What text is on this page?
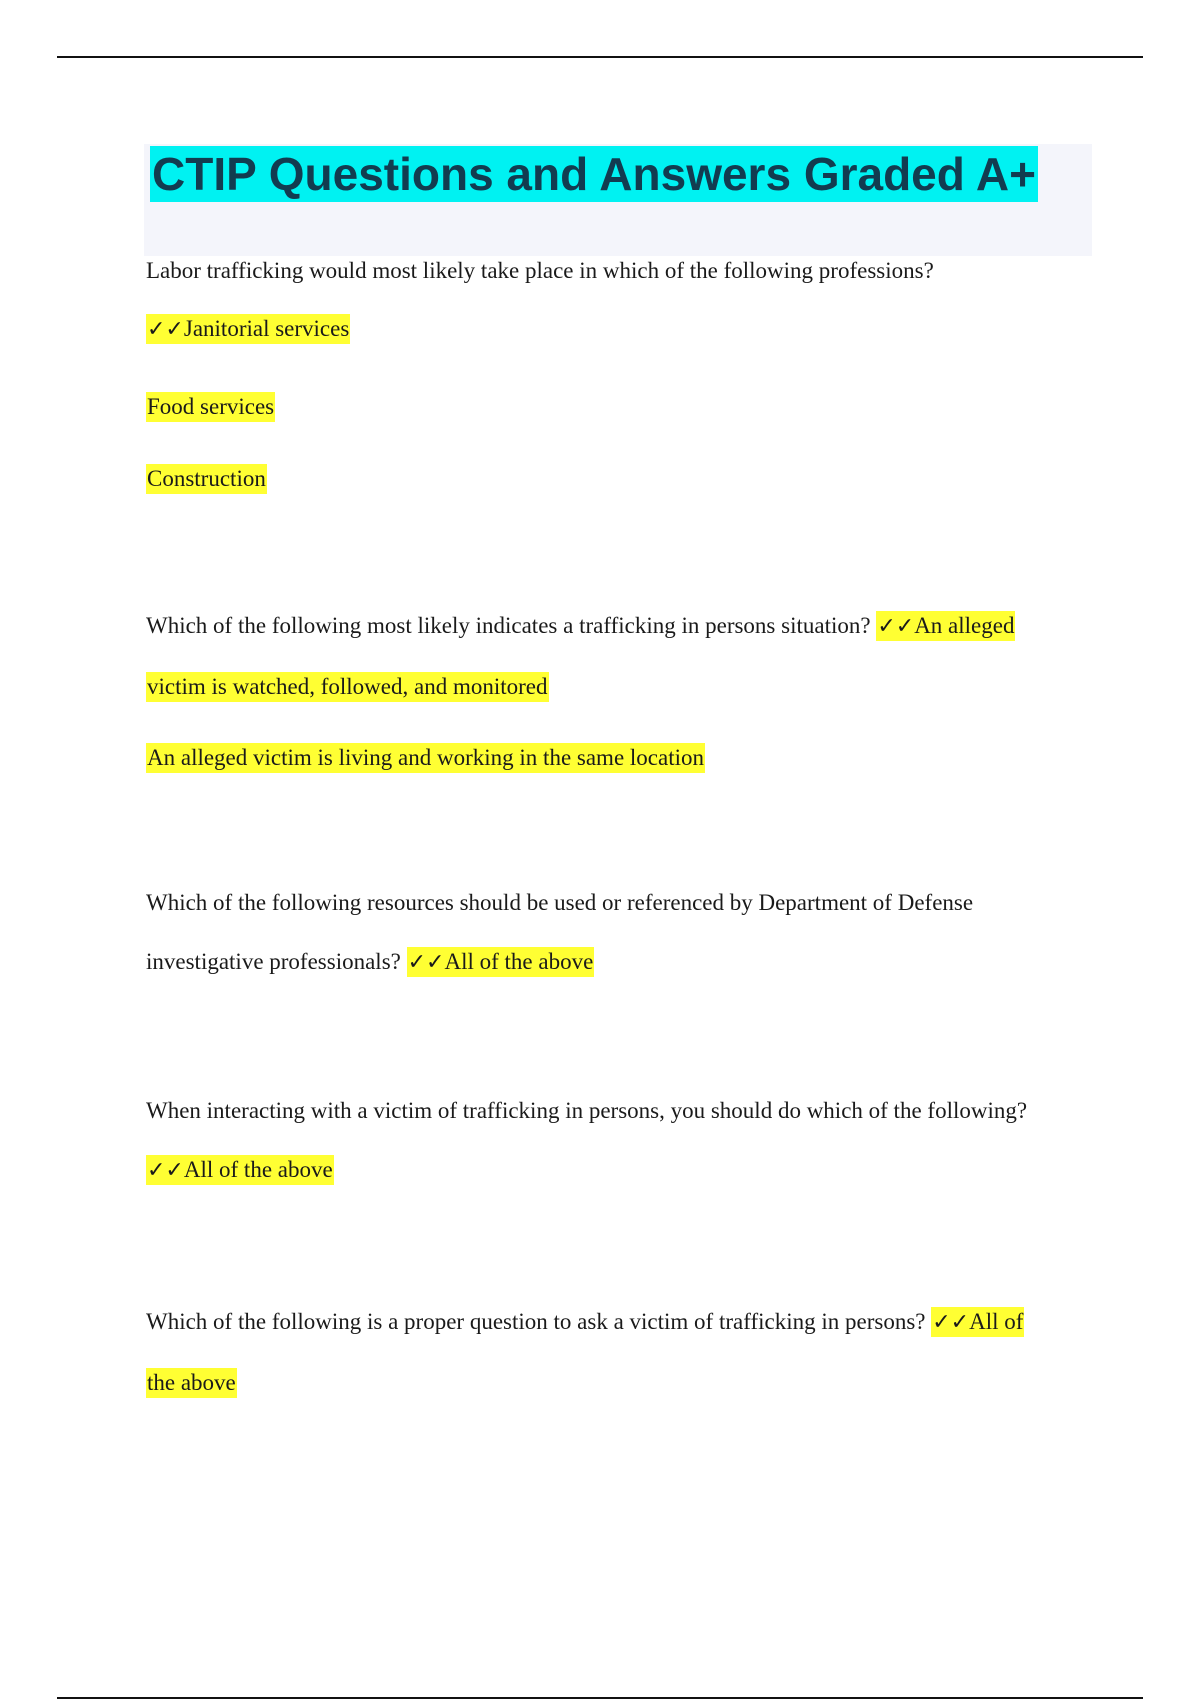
CTIP Questions and Answers Graded A+
Labor trafficking would most likely take place in which of the following professions?
✓✓Janitorial services
Food services
Construction
Which of the following most likely indicates a trafficking in persons situation? ✓✓An alleged
victim is watched, followed, and monitored
An alleged victim is living and working in the same location
Which of the following resources should be used or referenced by Department of Defense
investigative professionals? ✓✓All of the above
When interacting with a victim of trafficking in persons, you should do which of the following?
✓✓All of the above
Which of the following is a proper question to ask a victim of trafficking in persons? ✓✓All of
the above
